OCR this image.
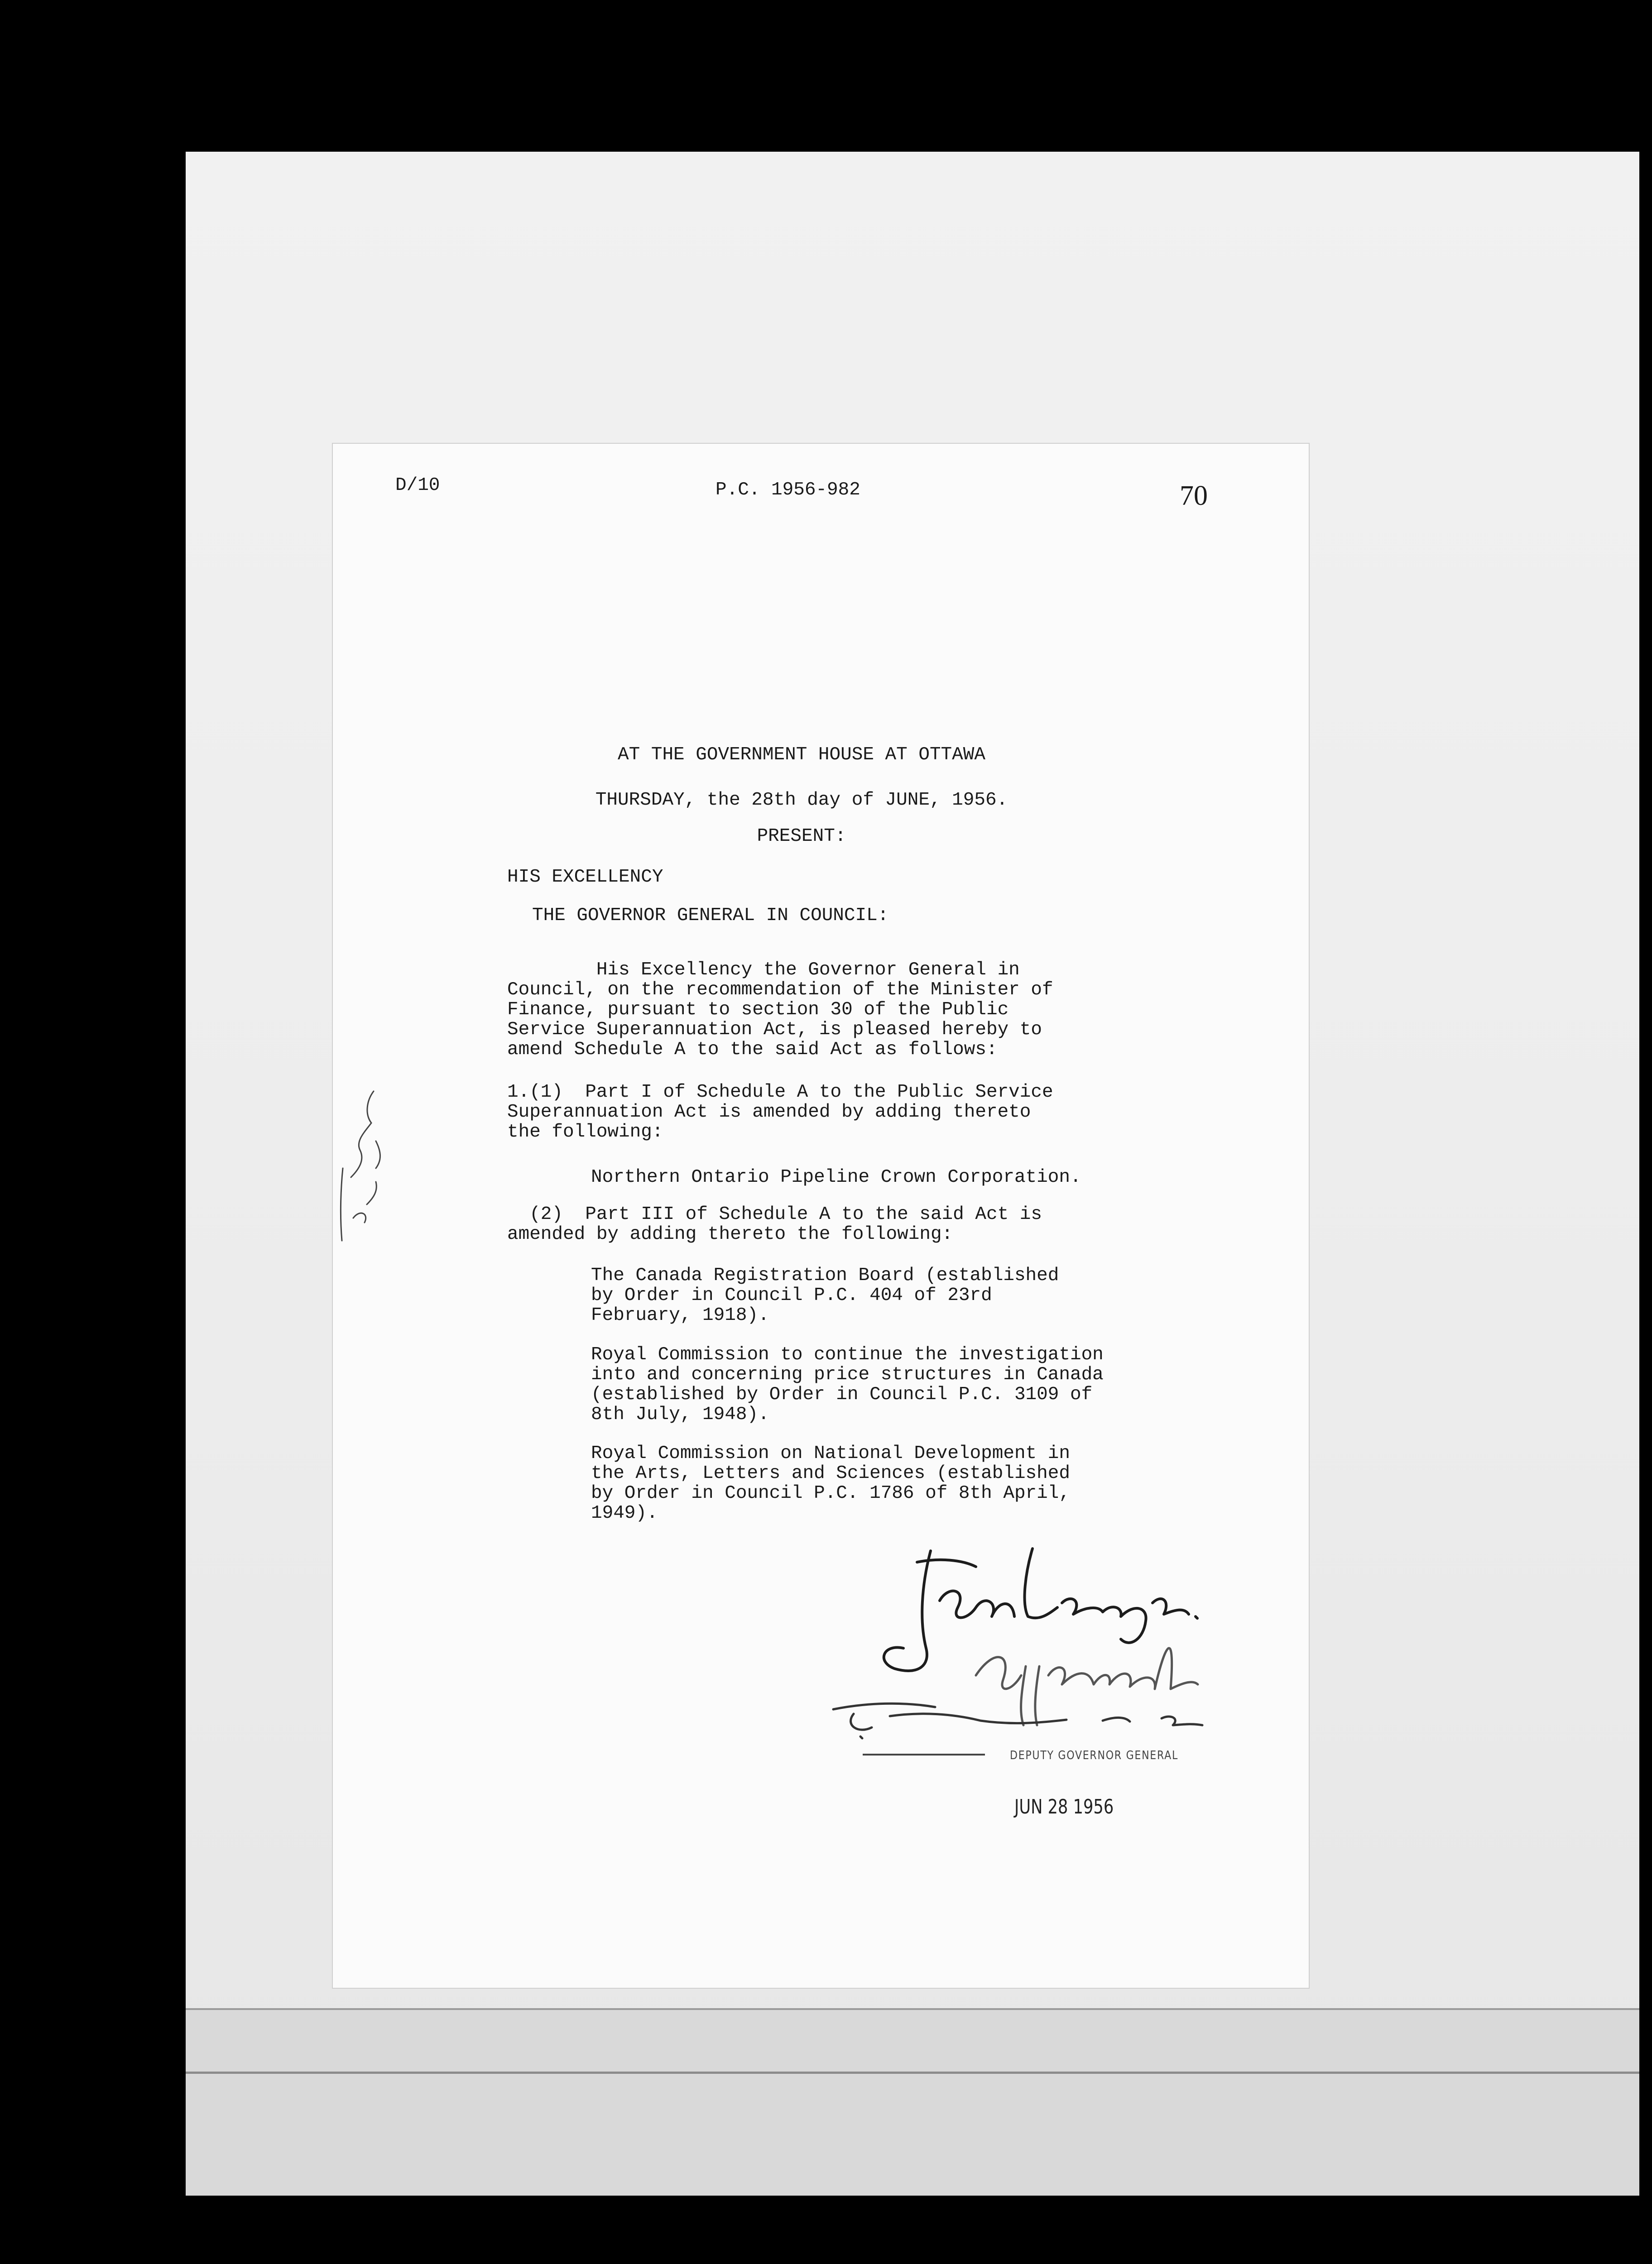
D/10	P.C. 1956-982	70

AT THE GOVERNMENT HOUSE AT OTTAWA

THURSDAY, the 28th day of JUNE, 1956.

PRESENT:

HIS EXCELLENCY

THE GOVERNOR GENERAL IN COUNCIL:

His Excellency the Governor General in

Council, on the recommendation of the Minister of

Finance, pursuant to section 30 of the Public

Service Superannuation Act, is pleased hereby to

amend Schedule A to the said Act as follows:

1.(1)  Part I of Schedule A to the Public Service

Superannuation Act is amended by adding thereto

the following:

Northern Ontario Pipeline Crown Corporation.

(2)  Part III of Schedule A to the said Act is

amended by adding thereto the following:

The Canada Registration Board (established

by Order in Council P.C. 404 of 23rd

February, 1918).

Royal Commission to continue the investigation

into and concerning price structures in Canada

(established by Order in Council P.C. 3109 of

8th July, 1948).

Royal Commission on National Development in

the Arts, Letters and Sciences (established

by Order in Council P.C. 1786 of 8th April,

1949).

DEPUTY GOVERNOR GENERAL
JUN 28 1956
